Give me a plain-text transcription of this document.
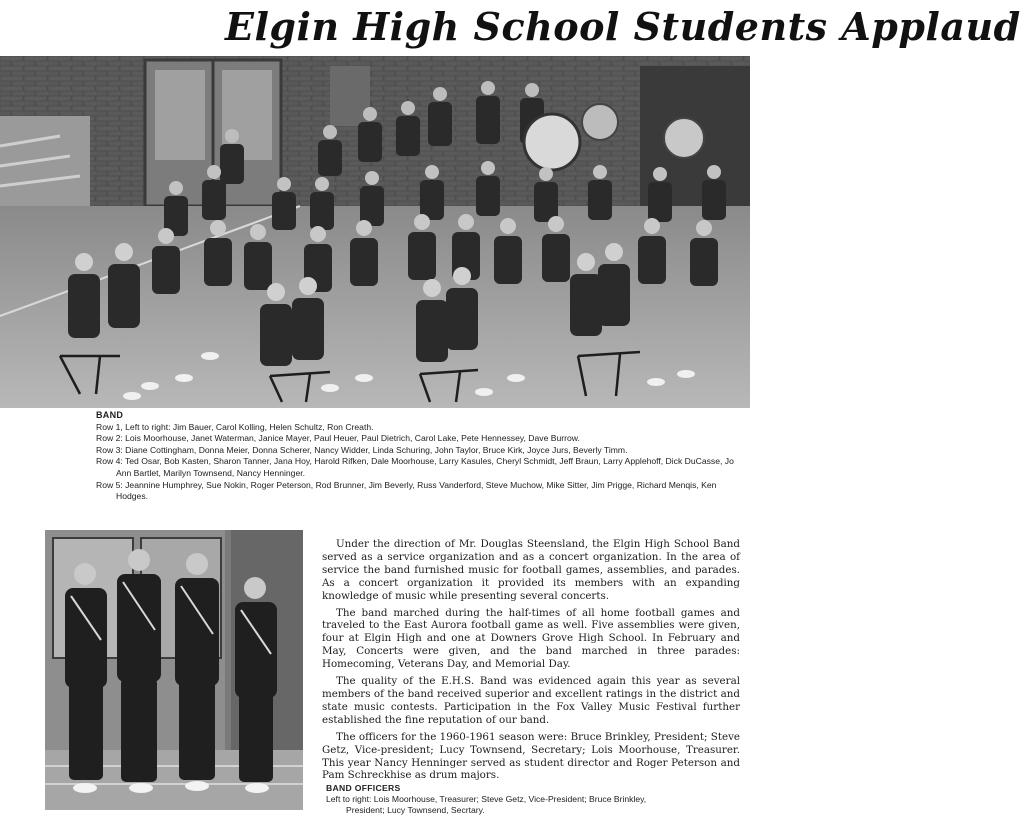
Elgin High School Students Applaud
BAND
Row 1, Left to right: Jim Bauer, Carol Kolling, Helen Schultz, Ron Creath.
Row 2: Lois Moorhouse, Janet Waterman, Janice Mayer, Paul Heuer, Paul Dietrich, Carol Lake, Pete Hennessey, Dave Burrow.
Row 3: Diane Cottingham, Donna Meier, Donna Scherer, Nancy Widder, Linda Schuring, John Taylor, Bruce Kirk, Joyce Jurs, Beverly Timm.
Row 4: Ted Osar, Bob Kasten, Sharon Tanner, Jana Hoy, Harold Rifken, Dale Moorhouse, Larry Kasules, Cheryl Schmidt, Jeff Braun, Larry Applehoff, Dick DuCasse, Jo Ann Bartlet, Marilyn Townsend, Nancy Henninger.
Row 5: Jeannine Humphrey, Sue Nokin, Roger Peterson, Rod Brunner, Jim Beverly, Russ Vanderford, Steve Muchow, Mike Sitter, Jim Prigge, Richard Menqis, Ken Hodges.

Under the direction of Mr. Douglas Steensland, the Elgin High School Band served as a service organization and as a concert organization. In the area of service the band furnished music for football games, assemblies, and parades. As a concert organization it provided its members with an expanding knowledge of music while presenting several concerts.

The band marched during the half-times of all home football games and traveled to the East Aurora football game as well. Five assemblies were given, four at Elgin High and one at Downers Grove High School. In February and May, Concerts were given, and the band marched in three parades: Homecoming, Veterans Day, and Memorial Day.

The quality of the E.H.S. Band was evidenced again this year as several members of the band received superior and excellent ratings in the district and state music contests. Participation in the Fox Valley Music Festival further established the fine reputation of our band.

The officers for the 1960-1961 season were: Bruce Brinkley, President; Steve Getz, Vice-president; Lucy Townsend, Secretary; Lois Moorhouse, Treasurer. This year Nancy Henninger served as student director and Roger Peterson and Pam Schreckhise as drum majors.

BAND OFFICERS
Left to right: Lois Moorhouse, Treasurer; Steve Getz, Vice-President; Bruce Brinkley,
President; Lucy Townsend, Secrtary.
